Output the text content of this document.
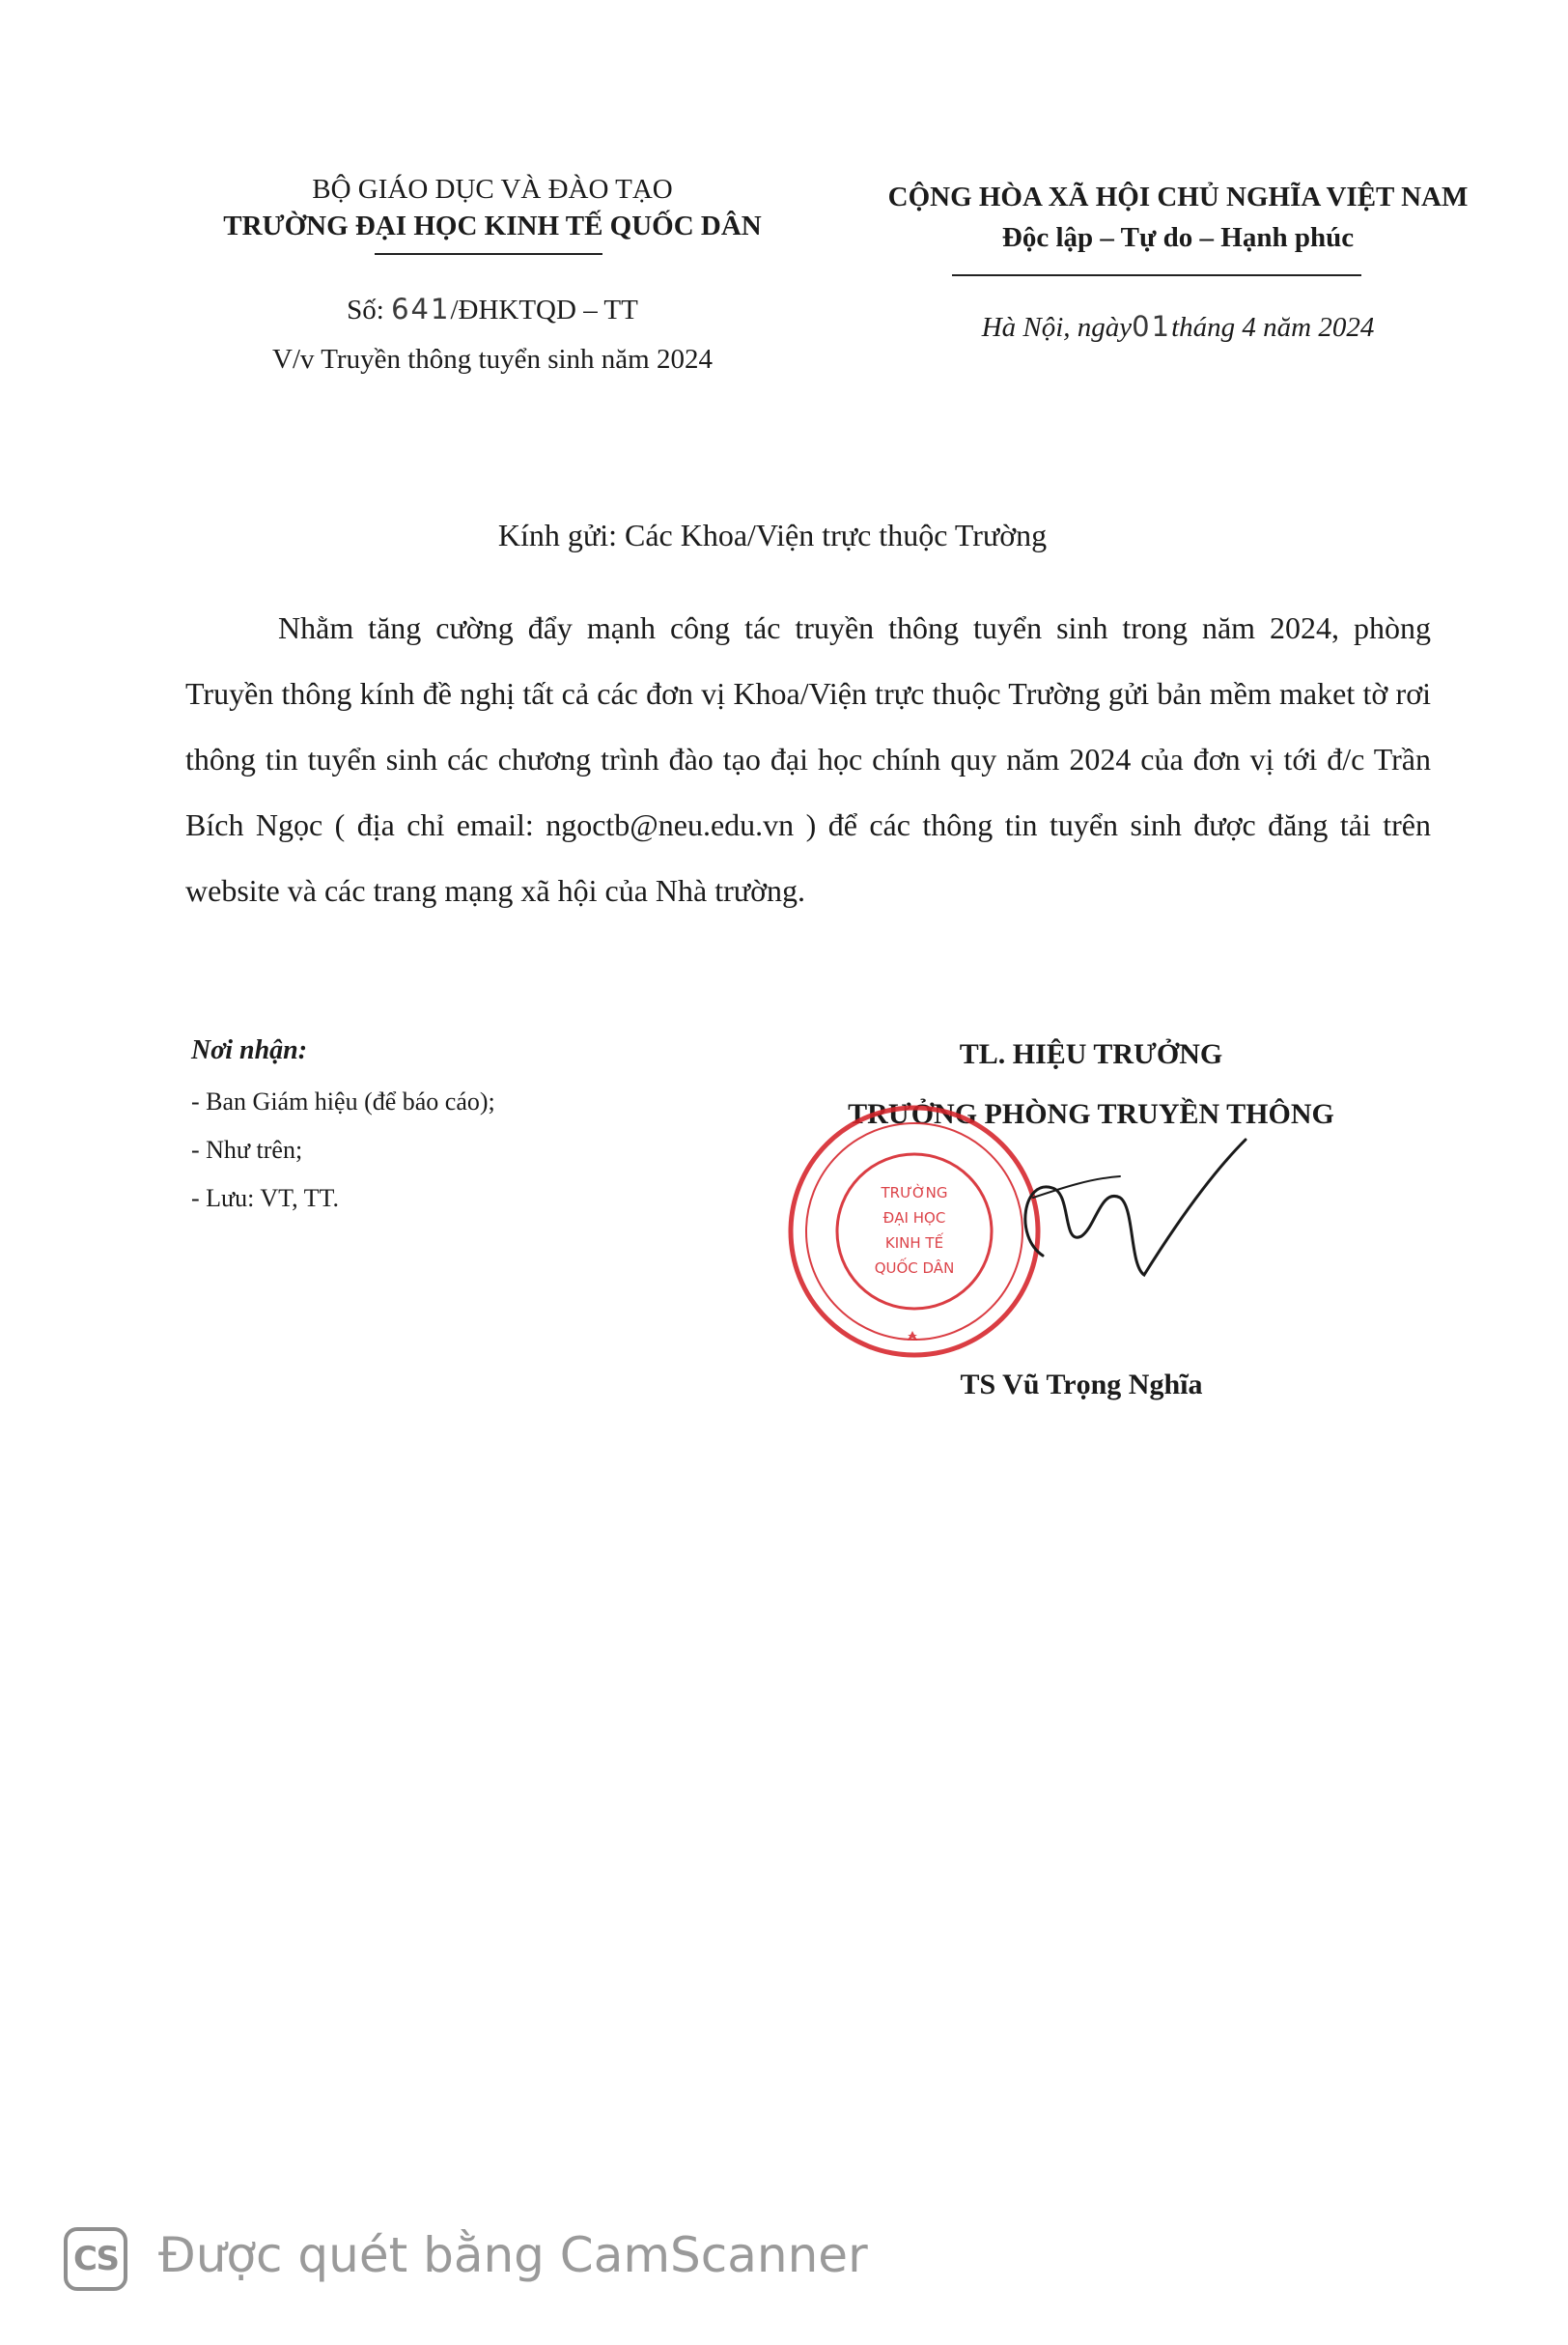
BỘ GIÁO DỤC VÀ ĐÀO TẠO
TRƯỜNG ĐẠI HỌC KINH TẾ QUỐC DÂN
Số: 641/ĐHKTQD – TT
V/v Truyền thông tuyển sinh năm 2024
CỘNG HÒA XÃ HỘI CHỦ NGHĨA VIỆT NAM
Độc lập – Tự do – Hạnh phúc
Hà Nội, ngày01tháng 4 năm 2024
Kính gửi: Các Khoa/Viện trực thuộc Trường

Nhằm tăng cường đẩy mạnh công tác truyền thông tuyển sinh trong năm 2024, phòng Truyền thông kính đề nghị tất cả các đơn vị Khoa/Viện trực thuộc Trường gửi bản mềm maket tờ rơi thông tin tuyển sinh các chương trình đào tạo đại học chính quy năm 2024 của đơn vị tới đ/c Trần Bích Ngọc ( địa chỉ email: ngoctb@neu.edu.vn ) để các thông tin tuyển sinh được đăng tải trên website và các trang mạng xã hội của Nhà trường.

Nơi nhận:
- Ban Giám hiệu (để báo cáo);
- Như trên;
- Lưu: VT, TT.
TL. HIỆU TRƯỞNG
TRƯỞNG PHÒNG TRUYỀN THÔNG
TRƯỜNG
ĐẠI HỌC
KINH TẾ
QUỐC DÂN
TS Vũ Trọng Nghĩa
CS Được quét bằng CamScanner
